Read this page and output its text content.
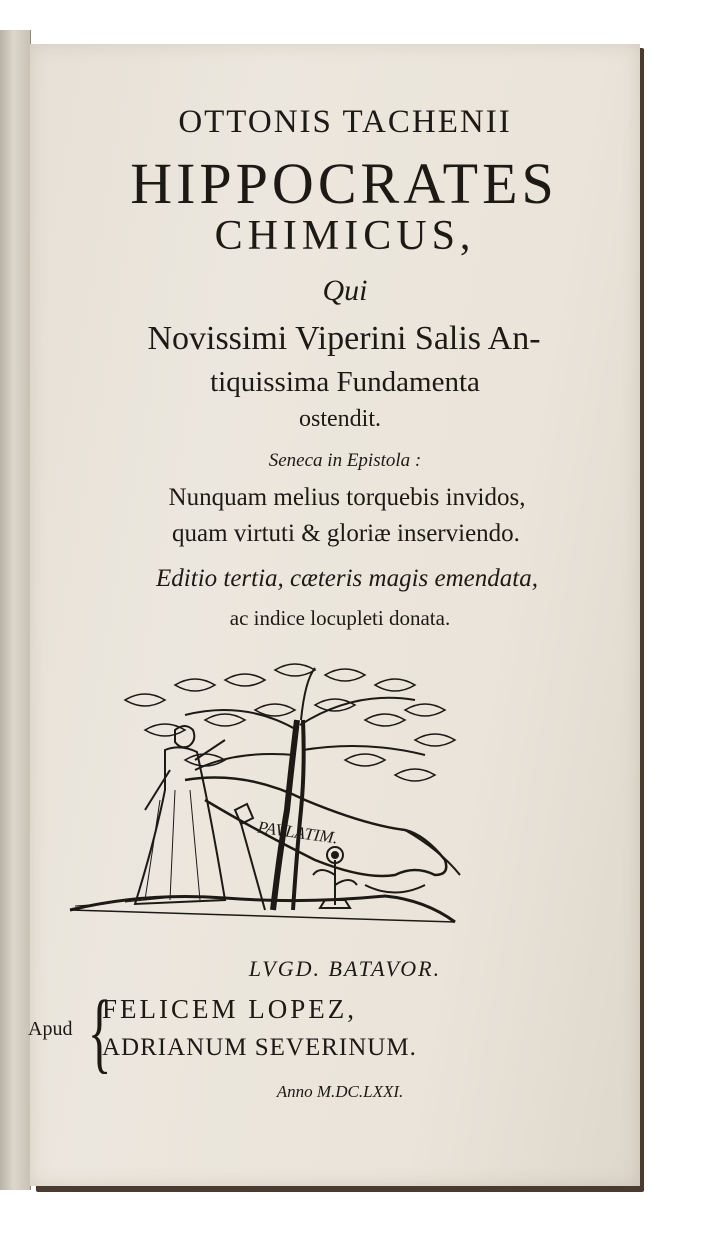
OTTONIS TACHENII
HIPPOCRATES
CHIMICUS,
Qui
Novissimi Viperini Salis An-
tiquissima Fundamenta
ostendit.
Seneca in Epistola :
Nunquam melius torquebis invidos,
quam virtuti & gloriæ inserviendo.
Editio tertia, cæteris magis emendata,
ac indice locupleti donata.
PAVLATIM.
LVGD. BATAVOR.
Apud {
FELICEM LOPEZ,
ADRIANUM SEVERINUM.
Anno M.DC.LXXI.
